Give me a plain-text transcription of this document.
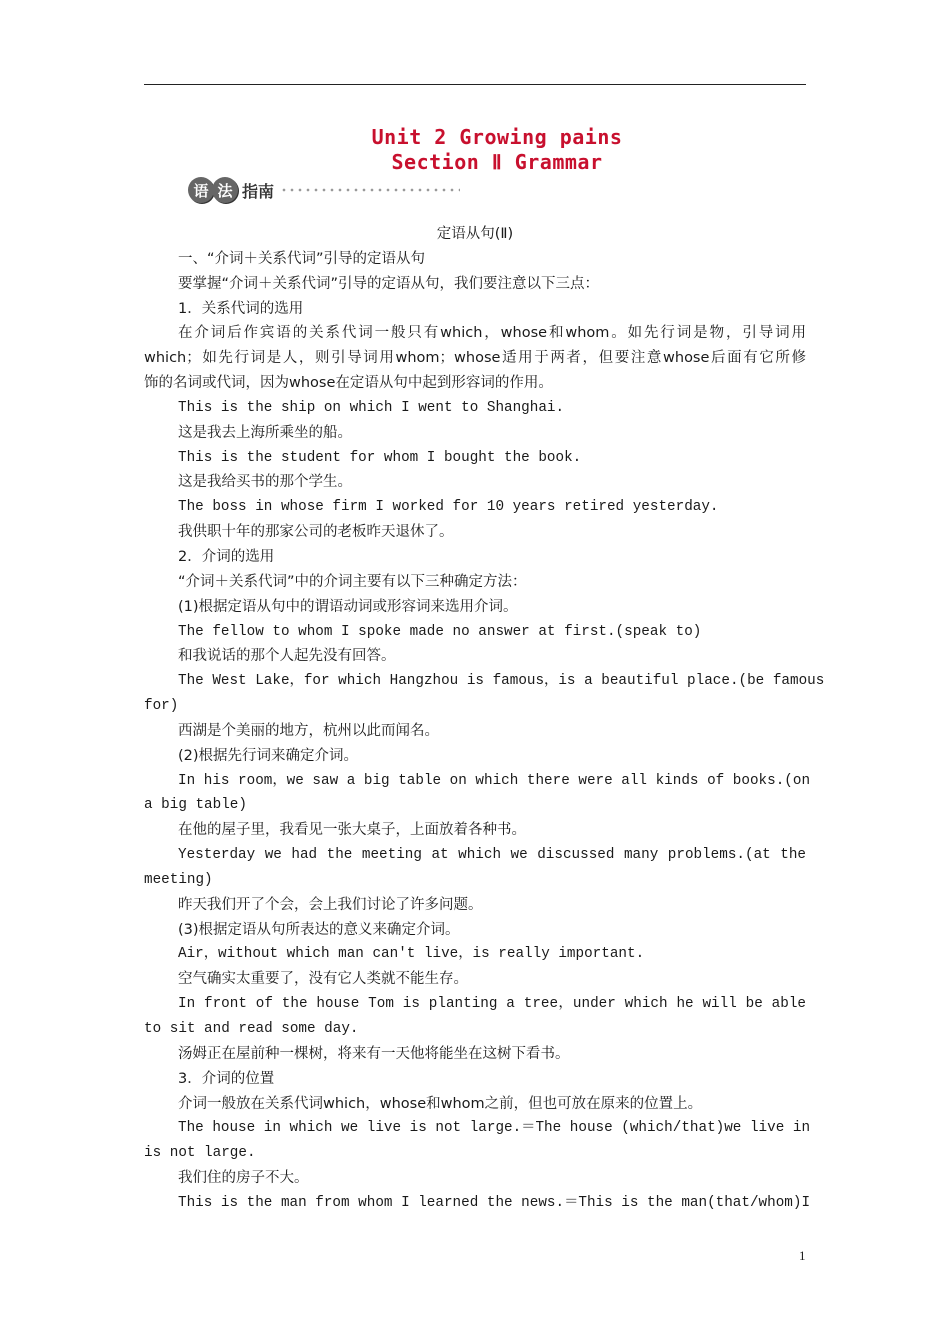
Unit 2 Growing pains
Section Ⅱ Grammar
语 法 指南
定语从句(Ⅱ)
一、“介词＋关系代词”引导的定语从句
要掌握“介词＋关系代词”引导的定语从句，我们要注意以下三点：
1．关系代词的选用
在介词后作宾语的关系代词一般只有which，whose和whom。如先行词是物，引导词用
which；如先行词是人，则引导词用whom；whose适用于两者，但要注意whose后面有它所修
饰的名词或代词，因为whose在定语从句中起到形容词的作用。
This is the ship on which I went to Shanghai.
这是我去上海所乘坐的船。
This is the student for whom I bought the book.
这是我给买书的那个学生。
The boss in whose firm I worked for 10 years retired yesterday.
我供职十年的那家公司的老板昨天退休了。
2．介词的选用
“介词＋关系代词”中的介词主要有以下三种确定方法：
(1)根据定语从句中的谓语动词或形容词来选用介词。
The fellow to whom I spoke made no answer at first.(speak to)
和我说话的那个人起先没有回答。
The West Lake，for which Hangzhou is famous，is a beautiful place.(be famous
for)
西湖是个美丽的地方，杭州以此而闻名。
(2)根据先行词来确定介词。
In his room，we saw a big table on which there were all kinds of books.(on
a big table)
在他的屋子里，我看见一张大桌子，上面放着各种书。
Yesterday we had the meeting at which we discussed many problems.(at the
meeting)
昨天我们开了个会，会上我们讨论了许多问题。
(3)根据定语从句所表达的意义来确定介词。
Air，without which man can't live，is really important.
空气确实太重要了，没有它人类就不能生存。
In front of the house Tom is planting a tree，under which he will be able
to sit and read some day.
汤姆正在屋前种一棵树，将来有一天他将能坐在这树下看书。
3．介词的位置
介词一般放在关系代词which，whose和whom之前，但也可放在原来的位置上。
The house in which we live is not large.＝The house (which/that)we live in
is not large.
我们住的房子不大。
This is the man from whom I learned the news.＝This is the man(that/whom)I
1
